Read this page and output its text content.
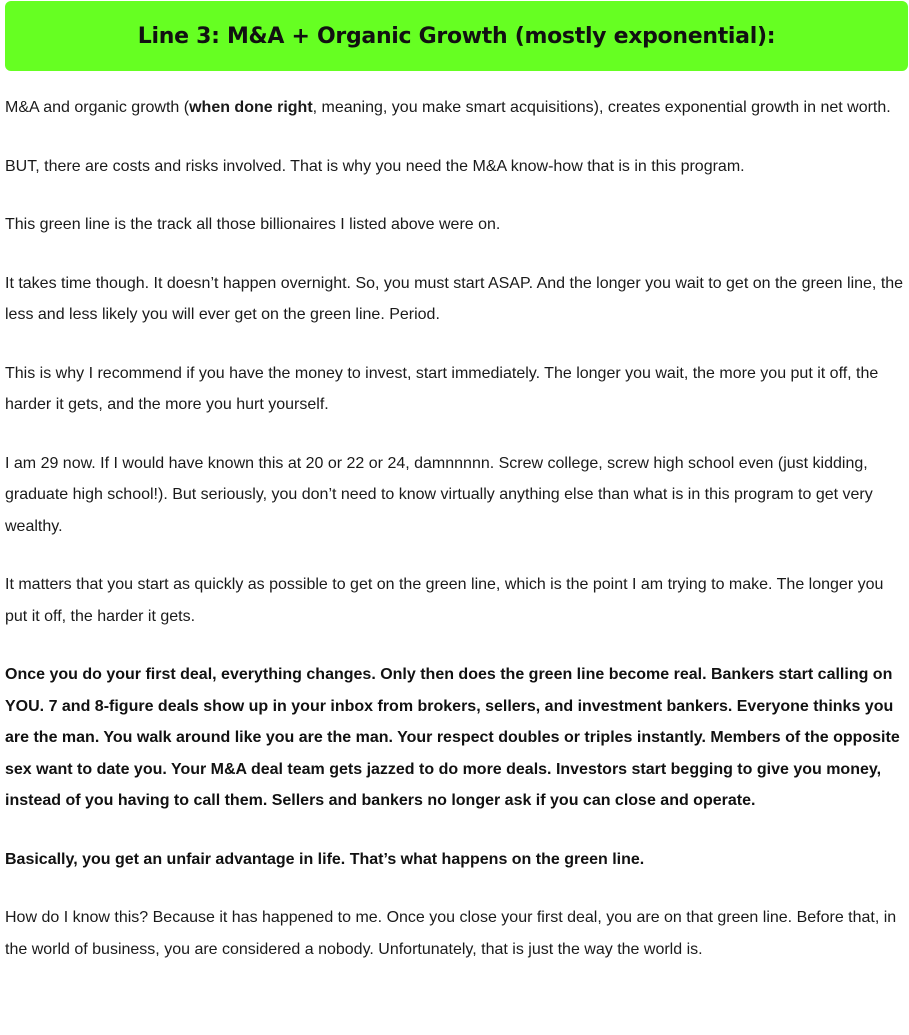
Line 3: M&A + Organic Growth (mostly exponential):

M&A and organic growth (when done right, meaning, you make smart acquisitions), creates exponential growth in net worth.

BUT, there are costs and risks involved. That is why you need the M&A know-how that is in this program.

This green line is the track all those billionaires I listed above were on.

It takes time though. It doesn’t happen overnight. So, you must start ASAP. And the longer you wait to get on the green line, the less and less likely you will ever get on the green line. Period.

This is why I recommend if you have the money to invest, start immediately. The longer you wait, the more you put it off, the harder it gets, and the more you hurt yourself.

I am 29 now. If I would have known this at 20 or 22 or 24, damnnnnn. Screw college, screw high school even (just kidding, graduate high school!). But seriously, you don’t need to know virtually anything else than what is in this program to get very wealthy.

It matters that you start as quickly as possible to get on the green line, which is the point I am trying to make. The longer you put it off, the harder it gets.

Once you do your first deal, everything changes. Only then does the green line become real. Bankers start calling on YOU. 7 and 8-figure deals show up in your inbox from brokers, sellers, and investment bankers. Everyone thinks you are the man. You walk around like you are the man. Your respect doubles or triples instantly. Members of the opposite sex want to date you. Your M&A deal team gets jazzed to do more deals. Investors start begging to give you money, instead of you having to call them. Sellers and bankers no longer ask if you can close and operate.

Basically, you get an unfair advantage in life. That’s what happens on the green line.

How do I know this? Because it has happened to me. Once you close your first deal, you are on that green line. Before that, in the world of business, you are considered a nobody. Unfortunately, that is just the way the world is.
